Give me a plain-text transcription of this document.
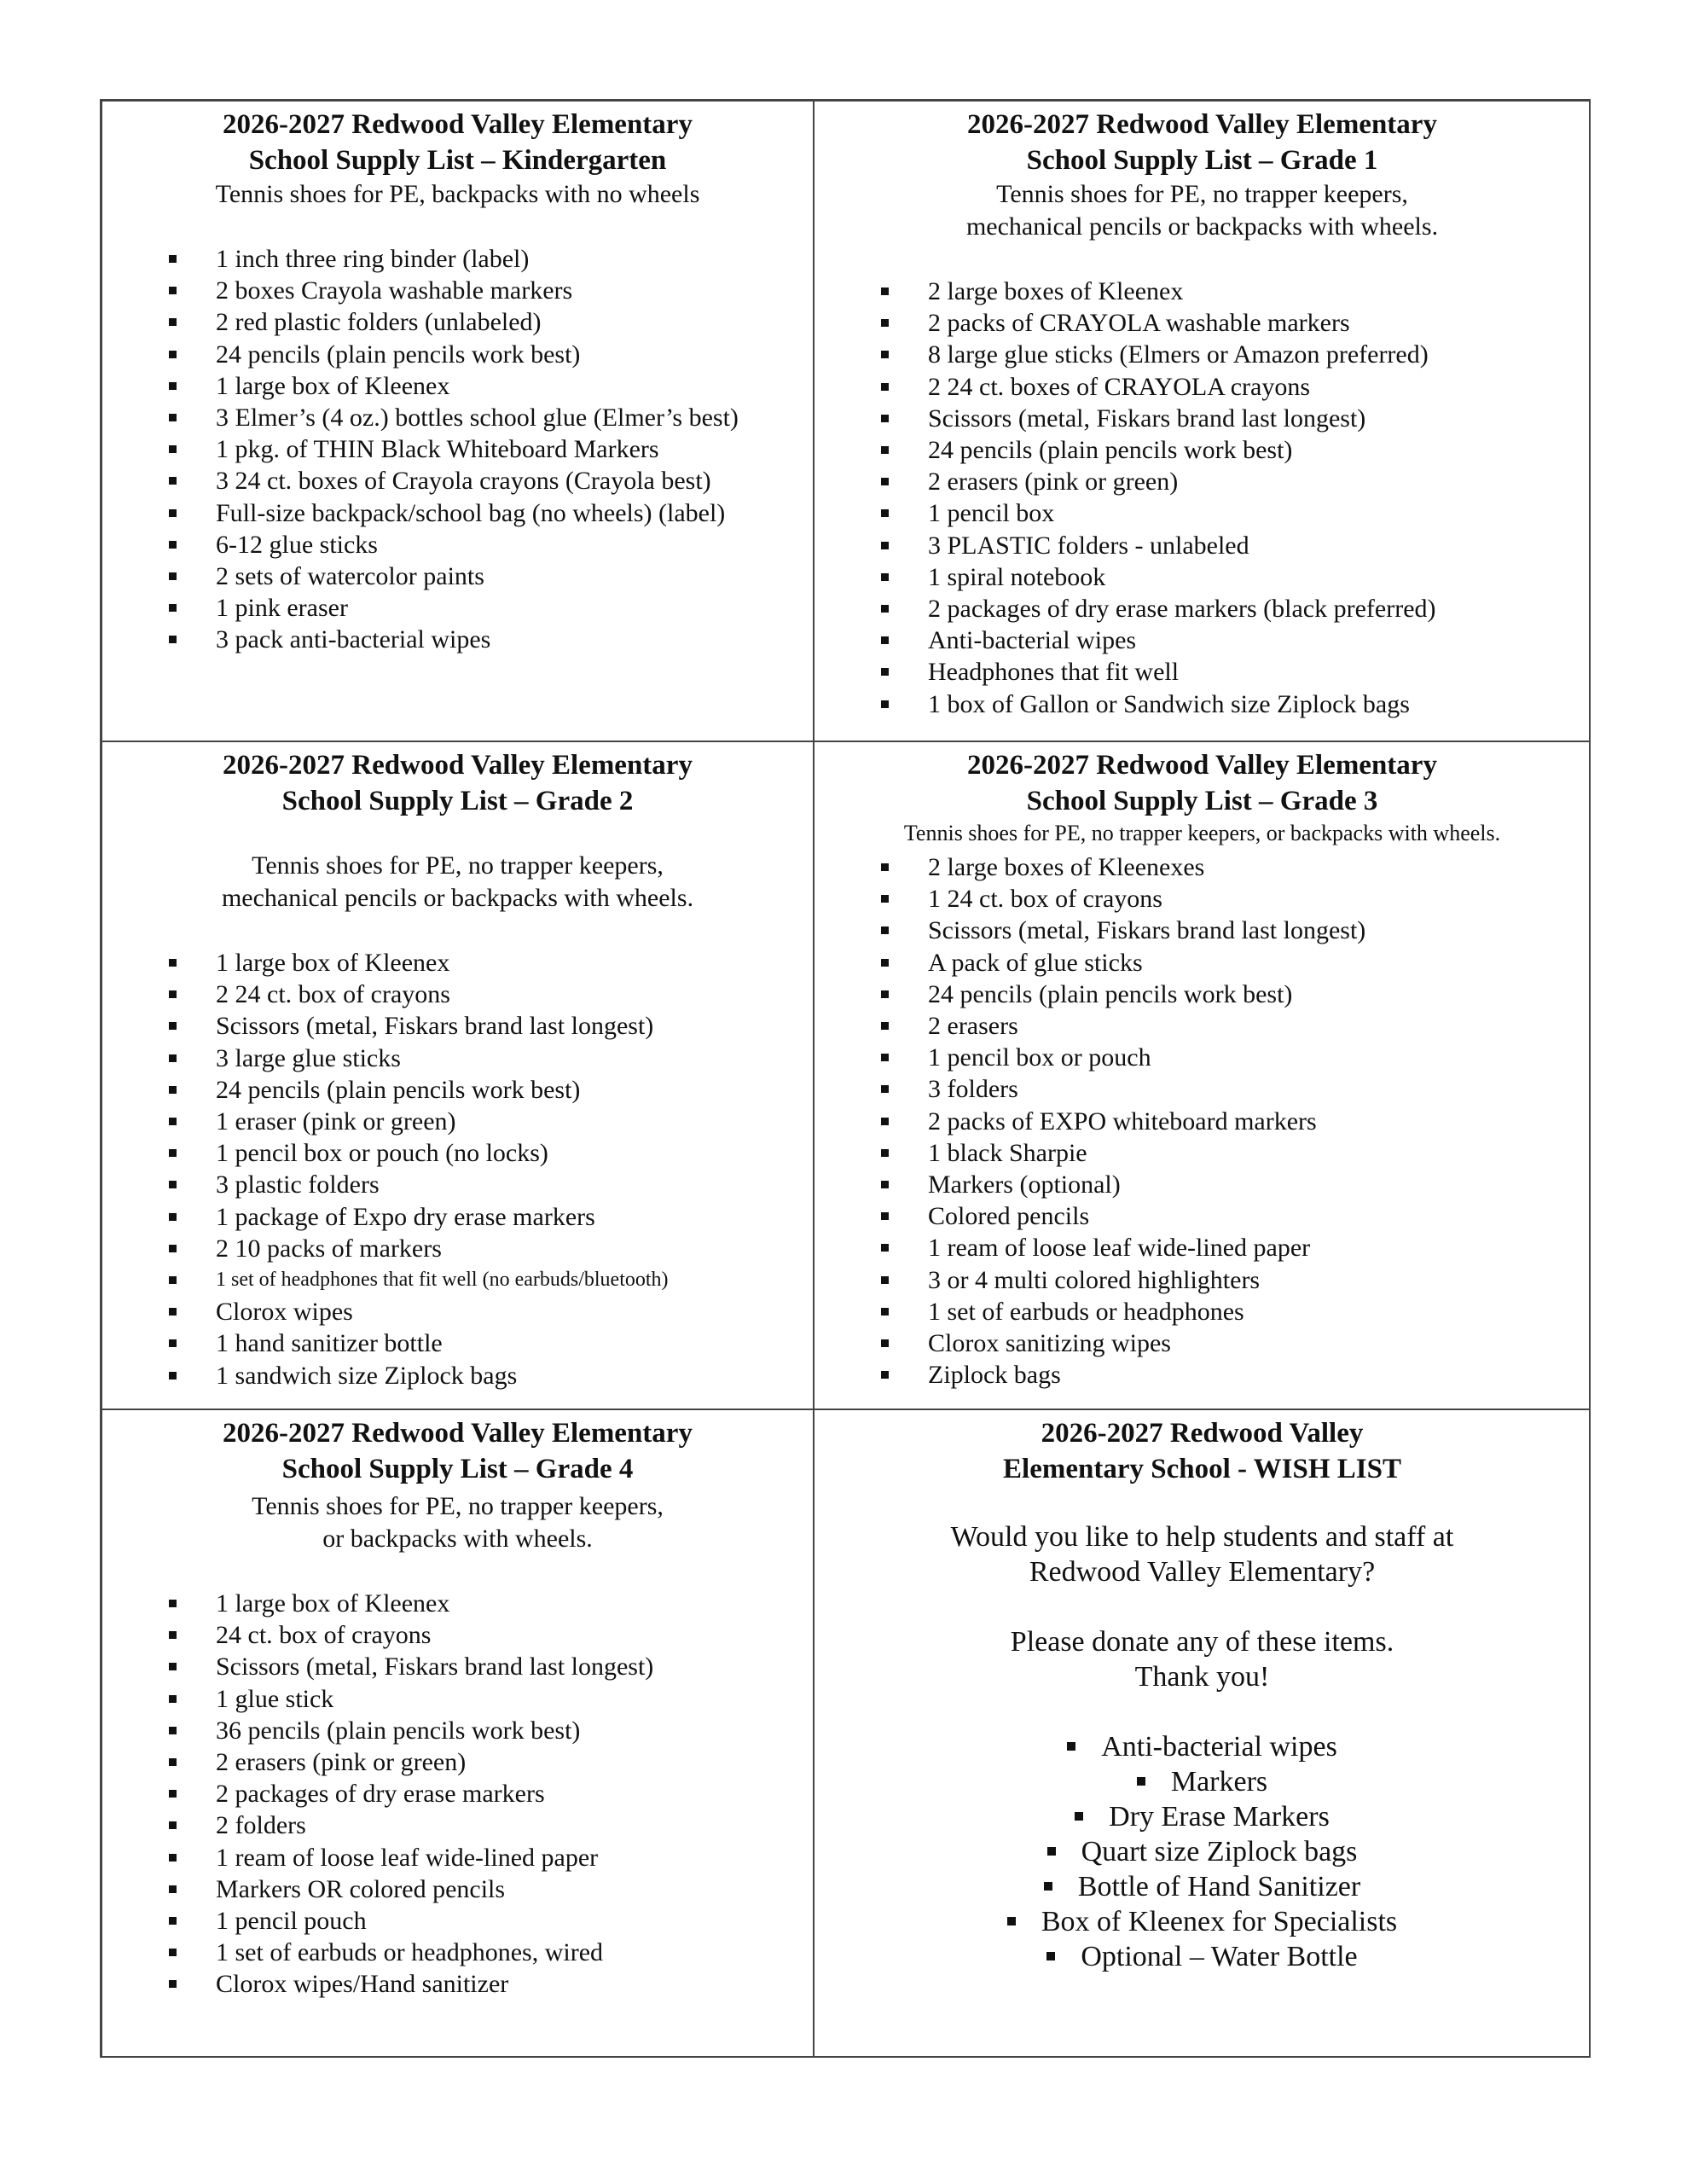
2026-2027 Redwood Valley Elementary
School Supply List – Kindergarten
Tennis shoes for PE, backpacks with no wheels
1 inch three ring binder (label)
2 boxes Crayola washable markers
2 red plastic folders (unlabeled)
24 pencils (plain pencils work best)
1 large box of Kleenex
3 Elmer’s (4 oz.) bottles school glue (Elmer’s best)
1 pkg. of THIN Black Whiteboard Markers
3 24 ct. boxes of Crayola crayons (Crayola best)
Full-size backpack/school bag (no wheels) (label)
6-12 glue sticks
2 sets of watercolor paints
1 pink eraser
3 pack anti-bacterial wipes
2026-2027 Redwood Valley Elementary
School Supply List – Grade 1
Tennis shoes for PE, no trapper keepers,
mechanical pencils or backpacks with wheels.
2 large boxes of Kleenex
2 packs of CRAYOLA washable markers
8 large glue sticks (Elmers or Amazon preferred)
2 24 ct. boxes of CRAYOLA crayons
Scissors (metal, Fiskars brand last longest)
24 pencils (plain pencils work best)
2 erasers (pink or green)
1 pencil box
3 PLASTIC folders - unlabeled
1 spiral notebook
2 packages of dry erase markers (black preferred)
Anti-bacterial wipes
Headphones that fit well
1 box of Gallon or Sandwich size Ziplock bags
2026-2027 Redwood Valley Elementary
School Supply List – Grade 2
Tennis shoes for PE, no trapper keepers,
mechanical pencils or backpacks with wheels.
1 large box of Kleenex
2 24 ct. box of crayons
Scissors (metal, Fiskars brand last longest)
3 large glue sticks
24 pencils (plain pencils work best)
1 eraser (pink or green)
1 pencil box or pouch (no locks)
3 plastic folders
1 package of Expo dry erase markers
2 10 packs of markers
1 set of headphones that fit well (no earbuds/bluetooth)
Clorox wipes
1 hand sanitizer bottle
1 sandwich size Ziplock bags
2026-2027 Redwood Valley Elementary
School Supply List – Grade 3
Tennis shoes for PE, no trapper keepers, or backpacks with wheels.
2 large boxes of Kleenexes
1 24 ct. box of crayons
Scissors (metal, Fiskars brand last longest)
A pack of glue sticks
24 pencils (plain pencils work best)
2 erasers
1 pencil box or pouch
3 folders
2 packs of EXPO whiteboard markers
1 black Sharpie
Markers (optional)
Colored pencils
1 ream of loose leaf wide-lined paper
3 or 4 multi colored highlighters
1 set of earbuds or headphones
Clorox sanitizing wipes
Ziplock bags
2026-2027 Redwood Valley Elementary
School Supply List – Grade 4
Tennis shoes for PE, no trapper keepers,
or backpacks with wheels.
1 large box of Kleenex
24 ct. box of crayons
Scissors (metal, Fiskars brand last longest)
1 glue stick
36 pencils (plain pencils work best)
2 erasers (pink or green)
2 packages of dry erase markers
2 folders
1 ream of loose leaf wide-lined paper
Markers OR colored pencils
1 pencil pouch
1 set of earbuds or headphones, wired
Clorox wipes/Hand sanitizer
2026-2027 Redwood Valley
Elementary School - WISH LIST
Would you like to help students and staff at
Redwood Valley Elementary?
Please donate any of these items.
Thank you!
Anti-bacterial wipes
Markers
Dry Erase Markers
Quart size Ziplock bags
Bottle of Hand Sanitizer
Box of Kleenex for Specialists
Optional – Water Bottle
